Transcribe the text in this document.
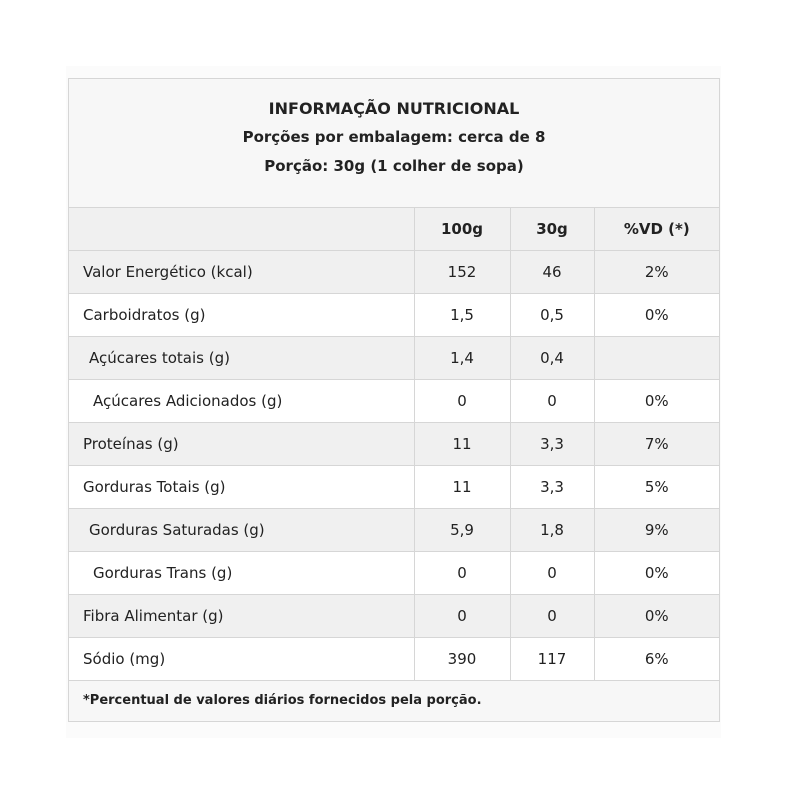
INFORMAÇÃO NUTRICIONAL
Porções por embalagem: cerca de 8
Porção: 30g (1 colher de sopa)
	100g	30g	%VD (*)
Valor Energético (kcal)	152	46	2%
Carboidratos (g)	1,5	0,5	0%
Açúcares totais (g)	1,4	0,4	
Açúcares Adicionados (g)	0	0	0%
Proteínas (g)	11	3,3	7%
Gorduras Totais (g)	11	3,3	5%
Gorduras Saturadas (g)	5,9	1,8	9%
Gorduras Trans (g)	0	0	0%
Fibra Alimentar (g)	0	0	0%
Sódio (mg)	390	117	6%
*Percentual de valores diários fornecidos pela porção.
